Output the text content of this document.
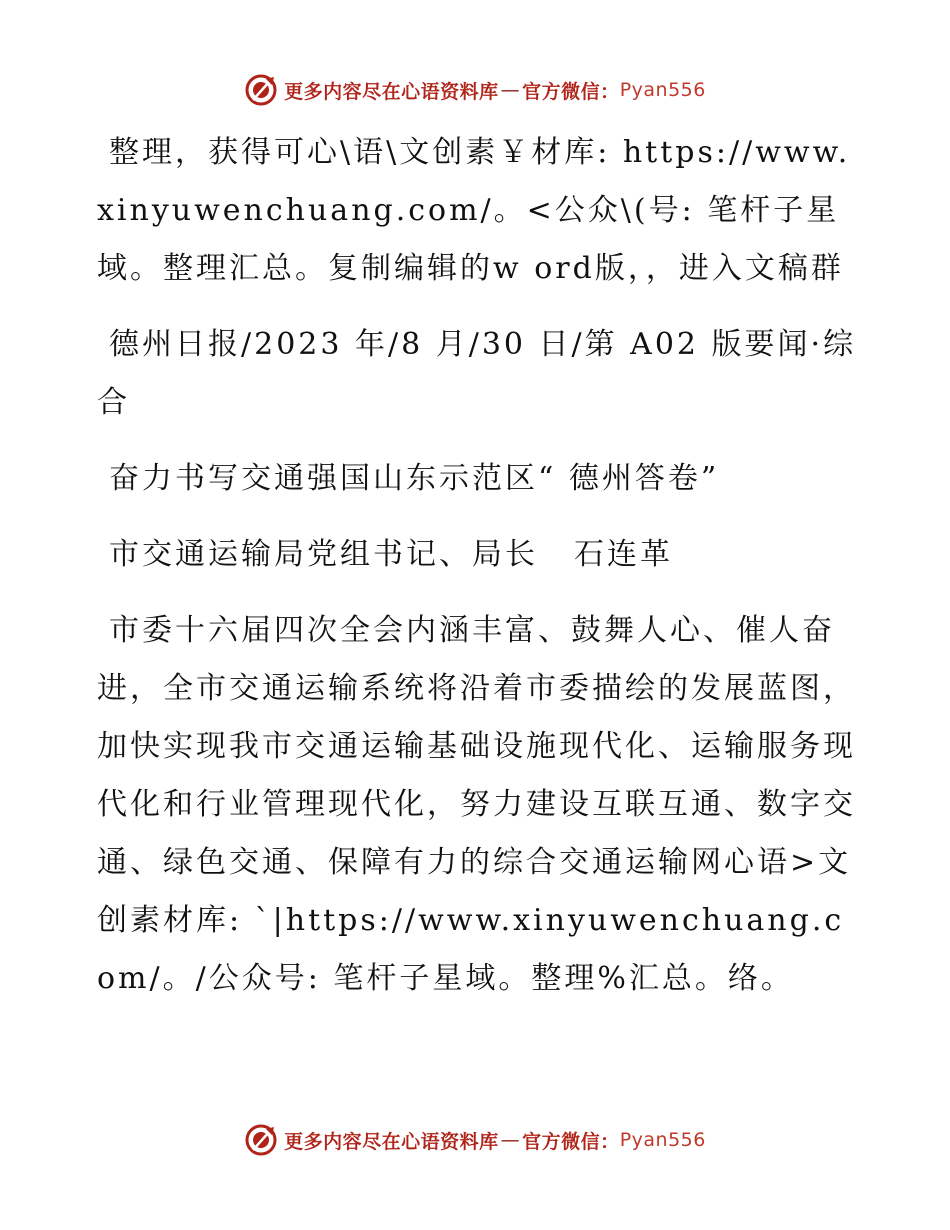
更多内容尽在心语资料库 — 官方微信： Pyan556

整理，获得可心\语\文创素￥材库: https://www.xinyuwenchuang.com/。<公众\(号: 笔杆子星域。整理汇总。复制编辑的w ord版，，进入文稿群

德州日报/2023 年/8 月/30 日/第 A02 版要闻·综合

奋力书写交通强国山东示范区“ 德州答卷”

市交通运输局党组书记、局长 石连革

市委十六届四次全会内涵丰富、鼓舞人心、催人奋进，全市交通运输系统将沿着市委描绘的发展蓝图，加快实现我市交通运输基础设施现代化、运输服务现代化和行业管理现代化，努力建设互联互通、数字交通、绿色交通、保障有力的综合交通运输网心语>文创素材库: `|https://www.xinyuwenchuang.com/。/公众号: 笔杆子星域。整理%汇总。络。

更多内容尽在心语资料库 — 官方微信： Pyan556
